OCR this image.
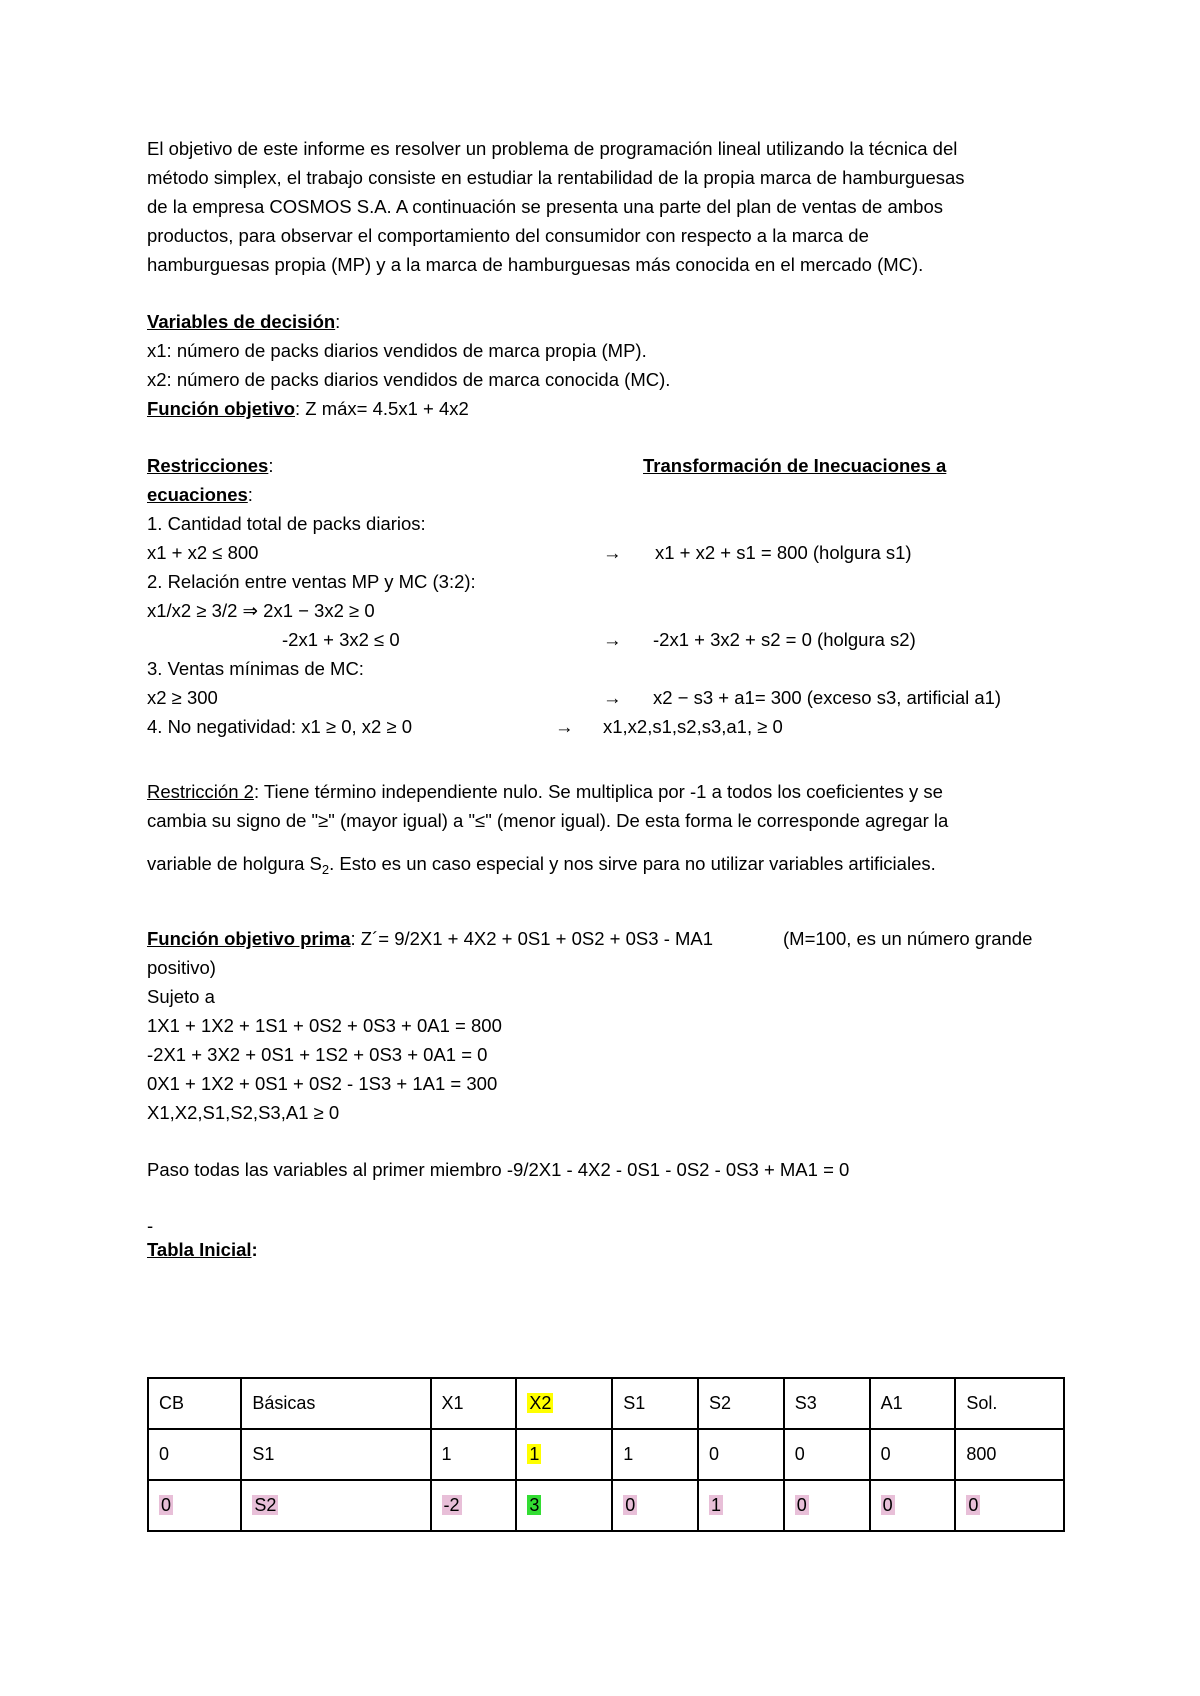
El objetivo de este informe es resolver un problema de programación lineal utilizando la técnica del
método simplex, el trabajo consiste en estudiar la rentabilidad de la propia marca de hamburguesas
de la empresa COSMOS S.A. A continuación se presenta una parte del plan de ventas de ambos
productos, para observar el comportamiento del consumidor con respecto a la marca de
hamburguesas propia (MP) y a la marca de hamburguesas más conocida en el mercado (MC).
Variables de decisión:
x1: número de packs diarios vendidos de marca propia (MP).
x2: número de packs diarios vendidos de marca conocida (MC).
Función objetivo: Z máx= 4.5x1 + 4x2
Restricciones:	Transformación de Inecuaciones a
ecuaciones:
1. Cantidad total de packs diarios:
x1 + x2 ≤ 800	→ x1 + x2 + s1 = 800 (holgura s1)
2. Relación entre ventas MP y MC (3:2):
x1/x2 ≥ 3/2 ⇒ 2x1 − 3x2 ≥ 0
-2x1 + 3x2 ≤ 0	→ -2x1 + 3x2 + s2 = 0 (holgura s2)
3. Ventas mínimas de MC:
x2 ≥ 300	→ x2 − s3 + a1= 300 (exceso s3, artificial a1)
4. No negatividad: x1 ≥ 0, x2 ≥ 0	→ x1,x2,s1,s2,s3,a1, ≥ 0
Restricción 2: Tiene término independiente nulo. Se multiplica por -1 a todos los coeficientes y se
cambia su signo de "≥" (mayor igual) a "≤" (menor igual). De esta forma le corresponde agregar la
variable de holgura $S_2$. Esto es un caso especial y nos sirve para no utilizar variables artificiales.
Función objetivo prima: Z´= 9/2X1 + 4X2 + 0S1 + 0S2 + 0S3 - MA1	(M=100, es un número grande
positivo)
Sujeto a
1X1 + 1X2 + 1S1 + 0S2 + 0S3 + 0A1 = 800
-2X1 + 3X2 + 0S1 + 1S2 + 0S3 + 0A1 = 0
0X1 + 1X2 + 0S1 + 0S2 - 1S3 + 1A1 = 300
X1,X2,S1,S2,S3,A1 ≥ 0
Paso todas las variables al primer miembro -9/2X1 - 4X2 - 0S1 - 0S2 - 0S3 + MA1 = 0
-
Tabla Inicial:
CB	Básicas	X1	X2	S1	S2	S3	A1	Sol.
0	S1	1	1	1	0	0	0	800
0	S2	-2	3	0	1	0	0	0
